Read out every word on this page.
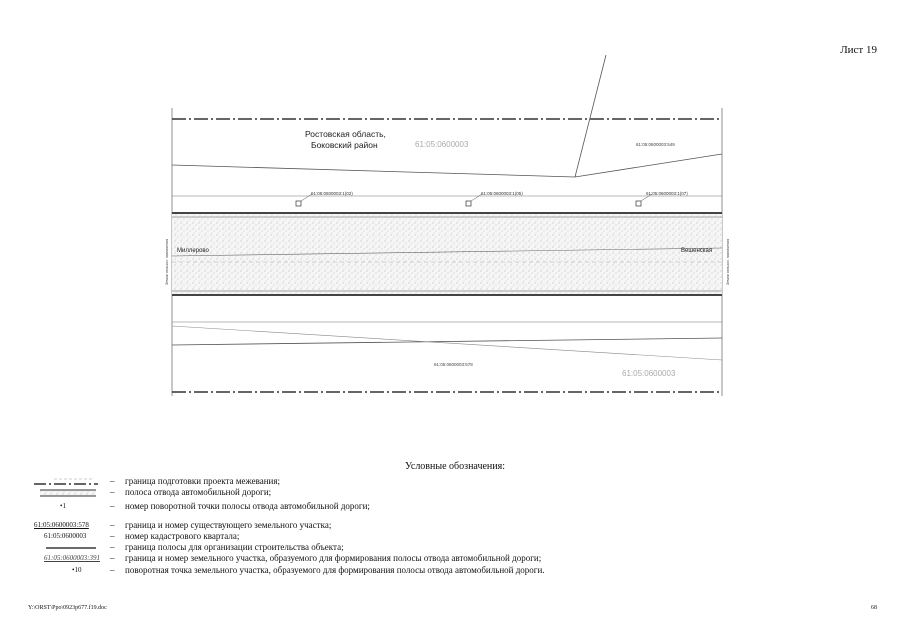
Лист 19
Ростовская область,
Боковский район	61:05:0600003	61:05:0600003:549
61:05:0600003:1(02)	61:05:0600003:1(05)	61:05:0600003:1(07)
Миллерово	Вешенская
61:05:0600003:578
61:05:0600003
Земли сельхоз. назначения	Земли сельхоз. назначения
Условные обозначения:
– граница подготовки проекта межевания;
– полоса отвода автомобильной дороги;
•1	– номер поворотной точки полосы отвода автомобильной дороги;
61:05:0600003:578 – граница и номер существующего земельного участка;
61:05:0600003	– номер кадастрового квартала;
– граница полосы для организации строительства объекта;
61:05:0600003:391 – граница и номер земельного участка, образуемого для формирования полосы отвода автомобильной дороги;
•10	– поворотная точка земельного участка, образуемого для формирования полосы отвода автомобильной дороги.
Y:\ORST\Ppo\0923p677.f19.doc	68
